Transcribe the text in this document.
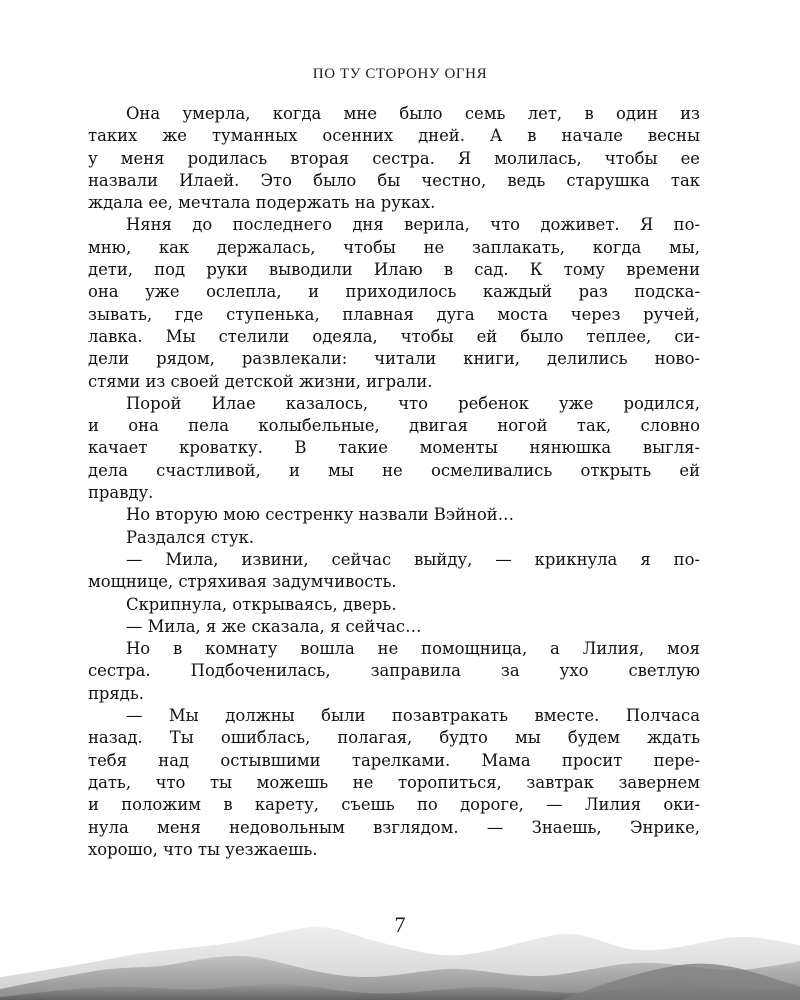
ПО ТУ СТОРОНУ ОГНЯ
Она умерла, когда мне было семь лет, в один из
таких же туманных осенних дней. А в начале весны
у меня родилась вторая сестра. Я молилась, чтобы ее
назвали Илаей. Это было бы честно, ведь старушка так
ждала ее, мечтала подержать на руках.
Няня до последнего дня верила, что доживет. Я по-
мню, как держалась, чтобы не заплакать, когда мы,
дети, под руки выводили Илаю в сад. К тому времени
она уже ослепла, и приходилось каждый раз подска-
зывать, где ступенька, плавная дуга моста через ручей,
лавка. Мы стелили одеяла, чтобы ей было теплее, си-
дели рядом, развлекали: читали книги, делились ново-
стями из своей детской жизни, играли.
Порой Илае казалось, что ребенок уже родился,
и она пела колыбельные, двигая ногой так, словно
качает кроватку. В такие моменты нянюшка выгля-
дела счастливой, и мы не осмеливались открыть ей
правду.
Но вторую мою сестренку назвали Вэйной…
Раздался стук.
— Мила, извини, сейчас выйду, — крикнула я по-
мощнице, стряхивая задумчивость.
Скрипнула, открываясь, дверь.
— Мила, я же сказала, я сейчас…
Но в комнату вошла не помощница, а Лилия, моя
сестра. Подбоченилась, заправила за ухо светлую
прядь.
— Мы должны были позавтракать вместе. Полчаса
назад. Ты ошиблась, полагая, будто мы будем ждать
тебя над остывшими тарелками. Мама просит пере-
дать, что ты можешь не торопиться, завтрак завернем
и положим в карету, съешь по дороге, — Лилия оки-
нула меня недовольным взглядом. — Знаешь, Энрике,
хорошо, что ты уезжаешь.
7
